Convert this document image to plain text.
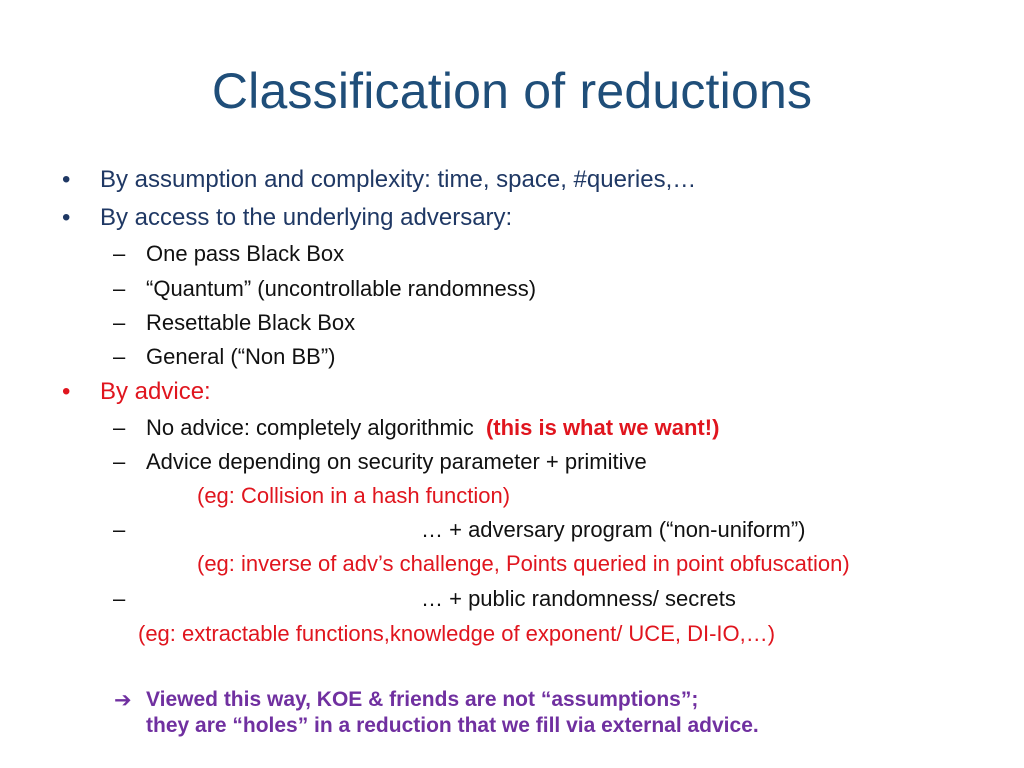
Classification of reductions
• By assumption and complexity: time, space, #queries,…
• By access to the underlying adversary:
– One pass Black Box
– “Quantum” (uncontrollable randomness)
– Resettable Black Box
– General (“Non BB”)
• By advice:
– No advice: completely algorithmic (this is what we want!)
– Advice depending on security parameter + primitive
(eg: Collision in a hash function)
–	… + adversary program (“non-uniform”)
(eg: inverse of adv’s challenge, Points queried in point obfuscation)
–	… + public randomness/ secrets
(eg: extractable functions,knowledge of exponent/ UCE, DI-IO,…)
➔ Viewed this way, KOE & friends are not “assumptions”;
they are “holes” in a reduction that we fill via external advice.
